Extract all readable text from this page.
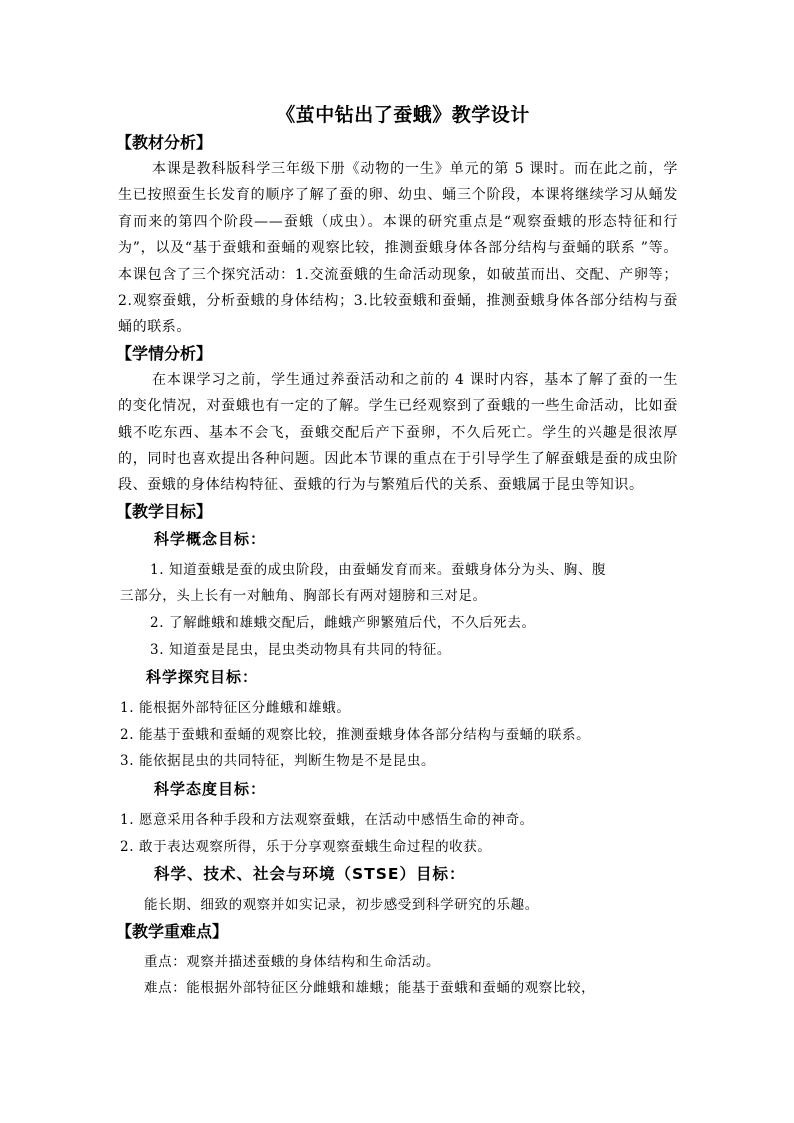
《茧中钻出了蚕蛾》教学设计
【教材分析】

本课是教科版科学三年级下册《动物的一生》单元的第 5 课时。而在此之前，学生已按照蚕生长发育的顺序了解了蚕的卵、幼虫、蛹三个阶段，本课将继续学习从蛹发育而来的第四个阶段——蚕蛾（成虫）。本课的研究重点是“观察蚕蛾的形态特征和行为”，以及“基于蚕蛾和蚕蛹的观察比较，推测蚕蛾身体各部分结构与蚕蛹的联系 ”等。本课包含了三个探究活动：1.交流蚕蛾的生命活动现象，如破茧而出、交配、产卵等；2.观察蚕蛾，分析蚕蛾的身体结构；3.比较蚕蛾和蚕蛹，推测蚕蛾身体各部分结构与蚕蛹的联系。

【学情分析】

在本课学习之前，学生通过养蚕活动和之前的 4 课时内容，基本了解了蚕的一生的变化情况，对蚕蛾也有一定的了解。学生已经观察到了蚕蛾的一些生命活动，比如蚕蛾不吃东西、基本不会飞，蚕蛾交配后产下蚕卵，不久后死亡。学生的兴趣是很浓厚的，同时也喜欢提出各种问题。因此本节课的重点在于引导学生了解蚕蛾是蚕的成虫阶段、蚕蛾的身体结构特征、蚕蛾的行为与繁殖后代的关系、蚕蛾属于昆虫等知识。

【教学目标】
科学概念目标：

1. 知道蚕蛾是蚕的成虫阶段，由蚕蛹发育而来。蚕蛾身体分为头、胸、腹

三部分，头上长有一对触角、胸部长有两对翅膀和三对足。

2. 了解雌蛾和雄蛾交配后，雌蛾产卵繁殖后代，不久后死去。

3. 知道蚕是昆虫，昆虫类动物具有共同的特征。

科学探究目标：

1. 能根据外部特征区分雌蛾和雄蛾。

2. 能基于蚕蛾和蚕蛹的观察比较，推测蚕蛾身体各部分结构与蚕蛹的联系。

3. 能依据昆虫的共同特征，判断生物是不是昆虫。

科学态度目标：

1. 愿意采用各种手段和方法观察蚕蛾，在活动中感悟生命的神奇。

2. 敢于表达观察所得，乐于分享观察蚕蛾生命过程的收获。

科学、技术、社会与环境（STSE）目标：

能长期、细致的观察并如实记录，初步感受到科学研究的乐趣。

【教学重难点】

重点：观察并描述蚕蛾的身体结构和生命活动。

难点：能根据外部特征区分雌蛾和雄蛾；能基于蚕蛾和蚕蛹的观察比较，
